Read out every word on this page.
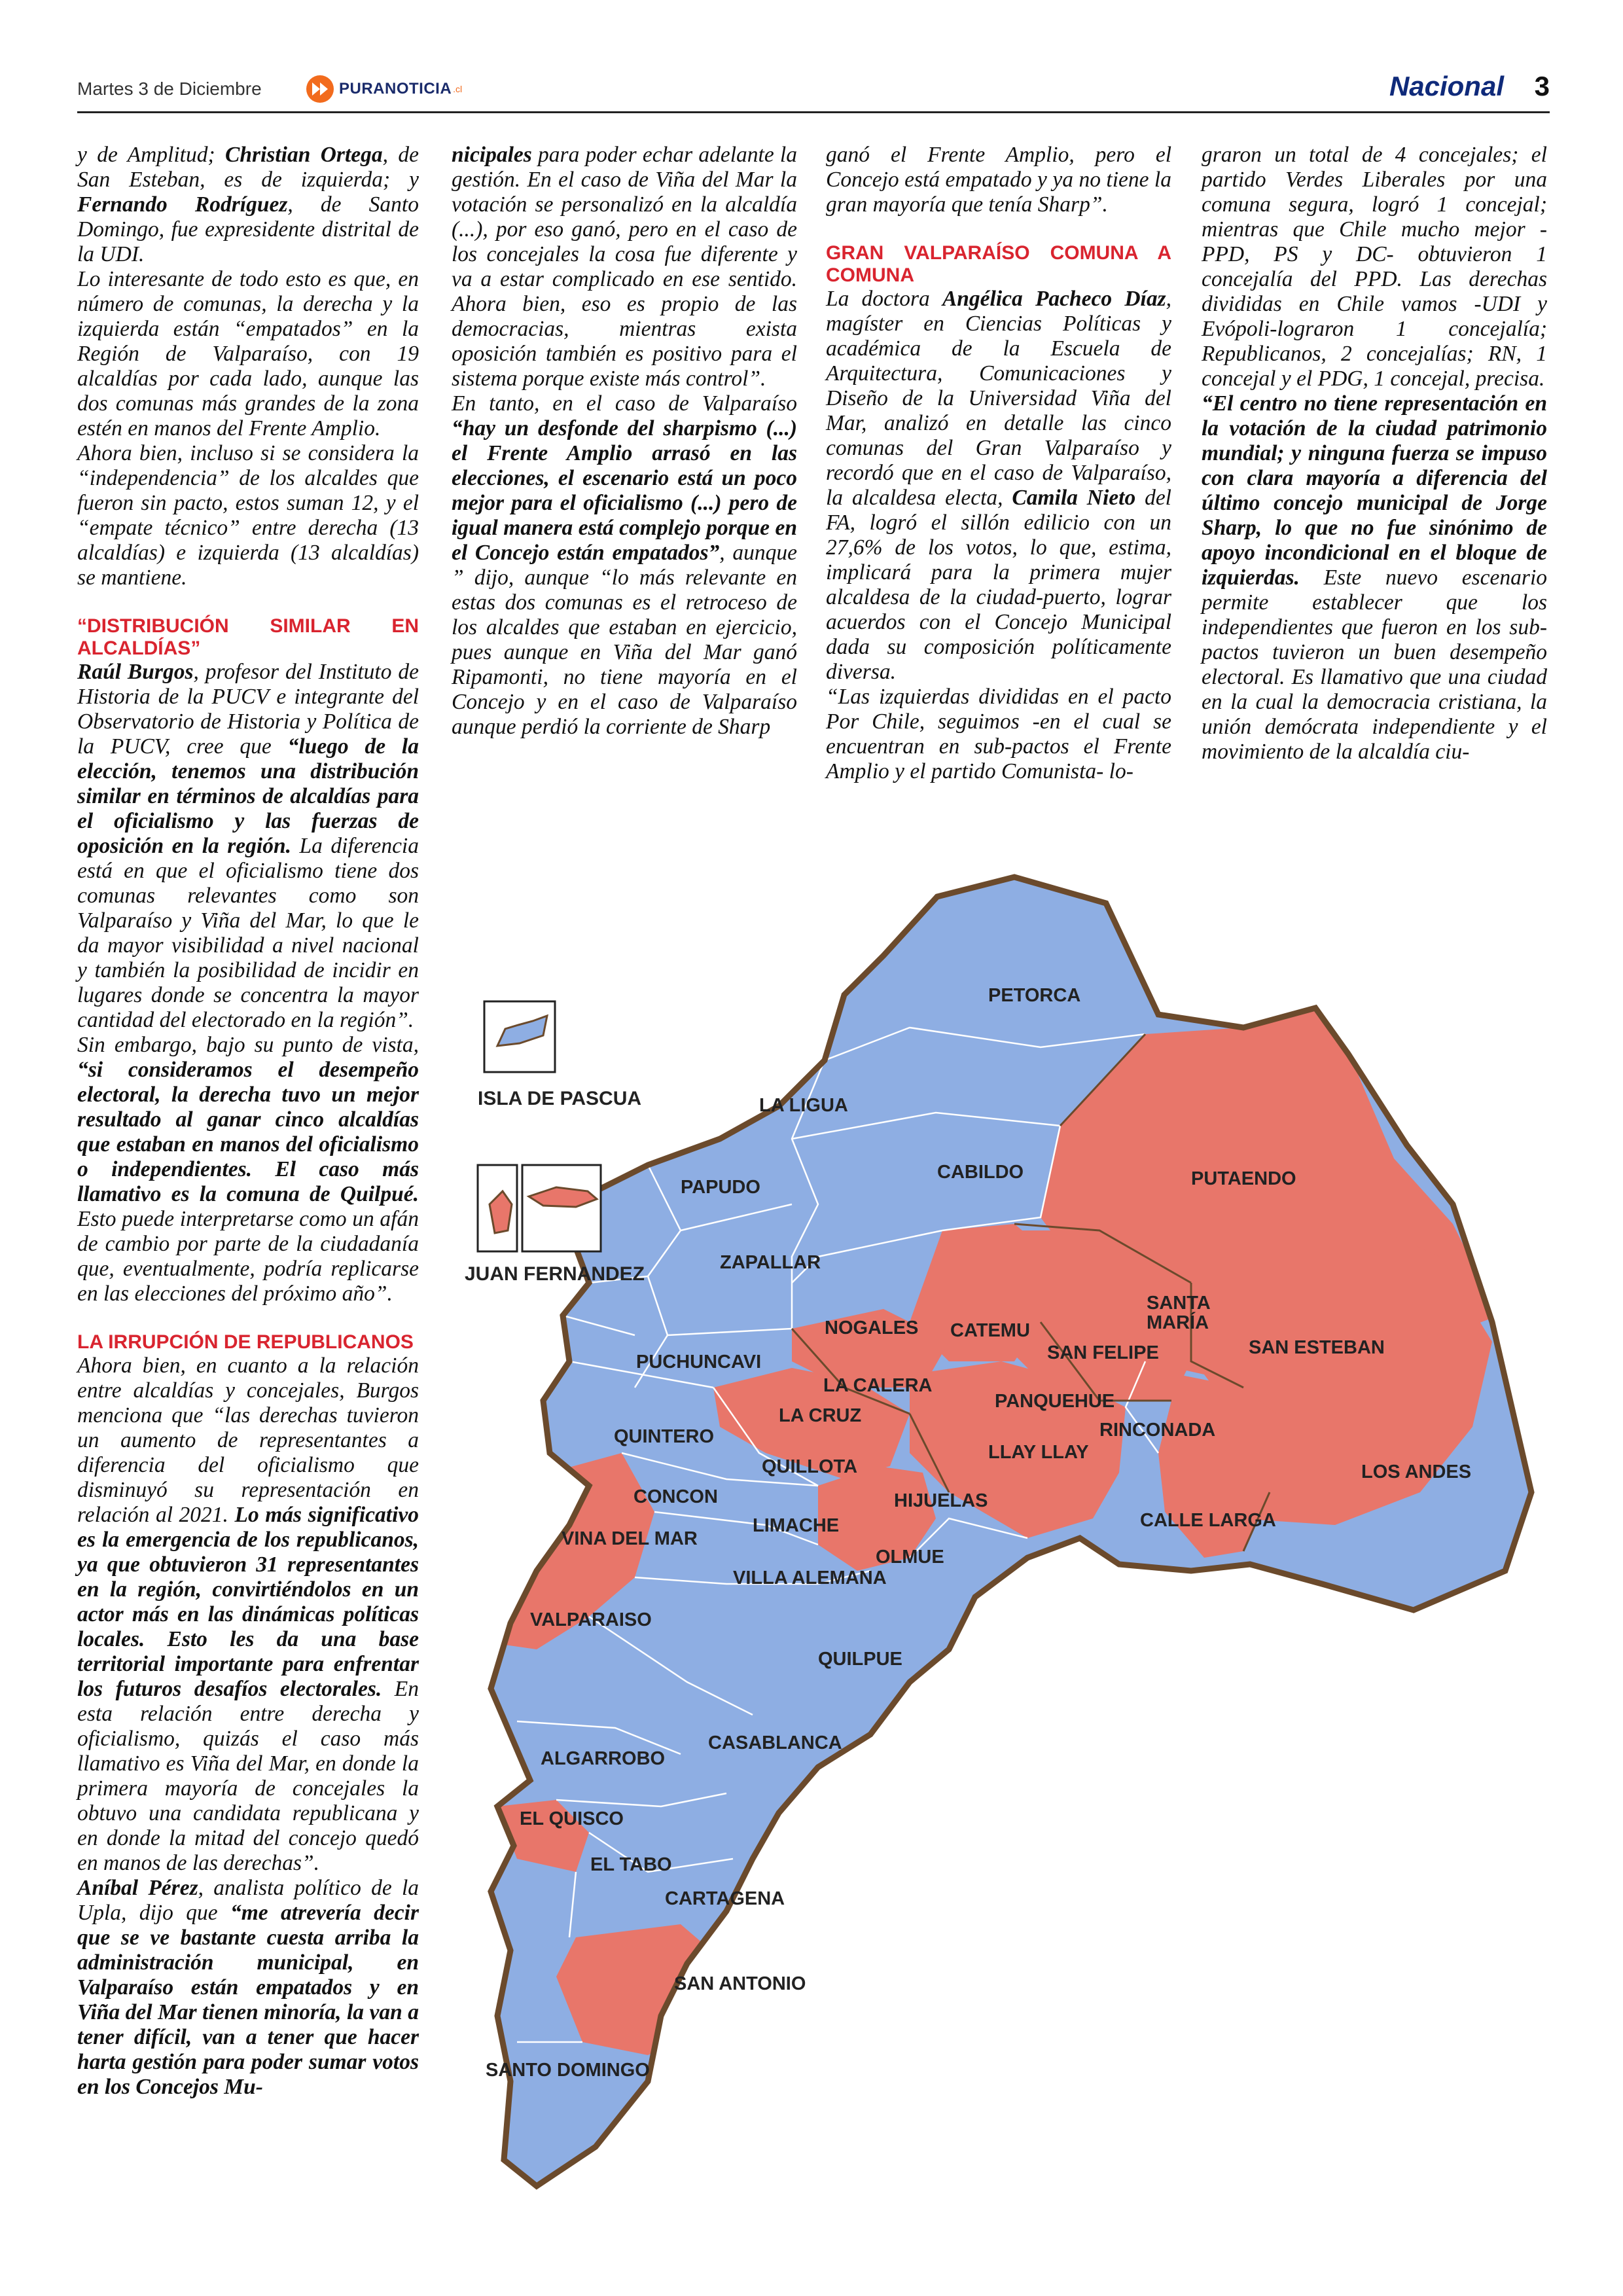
Martes 3 de Diciembre	PURANOTICIA .cl	Nacional 3

y de Amplitud; Christian Ortega, de San Esteban, es de izquierda; y Fernando Rodríguez, de Santo Domingo, fue expresidente distrital de la UDI.

Lo interesante de todo esto es que, en número de comunas, la derecha y la izquierda están “empatados” en la Región de Valparaíso, con 19 alcaldías por cada lado, aunque las dos comunas más grandes de la zona estén en manos del Frente Amplio.

Ahora bien, incluso si se considera la “independencia” de los alcaldes que fueron sin pacto, estos suman 12, y el “empate técnico” entre derecha (13 alcaldías) e izquierda (13 alcaldías) se mantiene.

“DISTRIBUCIÓN SIMILAR EN ALCALDÍAS”

Raúl Burgos, profesor del Instituto de Historia de la PUCV e integrante del Observatorio de Historia y Política de la PUCV, cree que “luego de la elección, tenemos una distribución similar en términos de alcaldías para el oficialismo y las fuerzas de oposición en la región. La diferencia está en que el oficialismo tiene dos comunas relevantes como son Valparaíso y Viña del Mar, lo que le da mayor visibilidad a nivel nacional y también la posibilidad de incidir en lugares donde se concentra la mayor cantidad del electorado en la región”.

Sin embargo, bajo su punto de vista, “si consideramos el desempeño electoral, la derecha tuvo un mejor resultado al ganar cinco alcaldías que estaban en manos del oficialismo o independientes. El caso más llamativo es la comuna de Quilpué. Esto puede interpretarse como un afán de cambio por parte de la ciudadanía que, eventualmente, podría replicarse en las elecciones del próximo año”.

LA IRRUPCIÓN DE REPUBLICANOS

Ahora bien, en cuanto a la relación entre alcaldías y concejales, Burgos menciona que “las derechas tuvieron un aumento de representantes a diferencia del oficialismo que disminuyó su representación en relación al 2021. Lo más significativo es la emergencia de los republicanos, ya que obtuvieron 31 representantes en la región, convirtiéndolos en un actor más en las dinámicas políticas locales. Esto les da una base territorial importante para enfrentar los futuros desafíos electorales. En esta relación entre derecha y oficialismo, quizás el caso más llamativo es Viña del Mar, en donde la primera mayoría de concejales la obtuvo una candidata republicana y en donde la mitad del concejo quedó en manos de las derechas”.

Aníbal Pérez, analista político de la Upla, dijo que “me atrevería decir que se ve bastante cuesta arriba la administración municipal, en Valparaíso están empatados y en Viña del Mar tienen minoría, la van a tener difícil, van a tener que hacer harta gestión para poder sumar votos en los Concejos Mu-

nicipales para poder echar adelante la gestión. En el caso de Viña del Mar la votación se personalizó en la alcaldía (...), por eso ganó, pero en el caso de los concejales la cosa fue diferente y va a estar complicado en ese sentido. Ahora bien, eso es propio de las democracias, mientras exista oposición también es positivo para el sistema porque existe más control”.

En tanto, en el caso de Valparaíso “hay un desfonde del sharpismo (...) el Frente Amplio arrasó en las elecciones, el escenario está un poco mejor para el oficialismo (...) pero de igual manera está complejo porque en el Concejo están empatados”, aunque ” dijo, aunque “lo más relevante en estas dos comunas es el retroceso de los alcaldes que estaban en ejercicio, pues aunque en Viña del Mar ganó Ripamonti, no tiene mayoría en el Concejo y en el caso de Valparaíso aunque perdió la corriente de Sharp

ganó el Frente Amplio, pero el Concejo está empatado y ya no tiene la gran mayoría que tenía Sharp”.

GRAN VALPARAÍSO COMUNA A COMUNA

La doctora Angélica Pacheco Díaz, magíster en Ciencias Políticas y académica de la Escuela de Arquitectura, Comunicaciones y Diseño de la Universidad Viña del Mar, analizó en detalle las cinco comunas del Gran Valparaíso y recordó que en el caso de Valparaíso, la alcaldesa electa, Camila Nieto del FA, logró el sillón edilicio con un 27,6% de los votos, lo que, estima, implicará para la primera mujer alcaldesa de la ciudad-puerto, lograr acuerdos con el Concejo Municipal dada su composición políticamente diversa.

“Las izquierdas divididas en el pacto Por Chile, seguimos -en el cual se encuentran en sub-pactos el Frente Amplio y el partido Comunista- lo-

graron un total de 4 concejales; el partido Verdes Liberales por una comuna segura, logró 1 concejal; mientras que Chile mucho mejor -PPD, PS y DC- obtuvieron 1 concejalía del PPD. Las derechas divididas en Chile vamos -UDI y Evópoli-lograron 1 concejalía; Republicanos, 2 concejalías; RN, 1 concejal y el PDG, 1 concejal, precisa.

“El centro no tiene representación en la votación de la ciudad patrimonio mundial; y ninguna fuerza se impuso con clara mayoría a diferencia del último concejo municipal de Jorge Sharp, lo que no fue sinónimo de apoyo incondicional en el bloque de izquierdas. Este nuevo escenario permite establecer que los independientes que fueron en los sub-pactos tuvieron un buen desempeño electoral. Es llamativo que una ciudad en la cual la democracia cristiana, la unión demócrata independiente y el movimiento de la alcaldía ciu-

ISLA DE PASCUA
JUAN FERNANDEZ
PETORCA
LA LIGUA
CABILDO	PUTAENDO
PAPUDO
ZAPALLAR
NOGALES CATEMU
SANTA MARÍA
SAN ESTEBAN
SAN FELIPE
PUCHUNCAVI
LA CALERA
PANQUEHUE
LA CRUZ
QUINTERO	RINCONADA
LLAY LLAY
QUILLOTA	LOS ANDES
CONCON	HIJUELAS
LIMACHE	CALLE LARGA
VINA DEL MAR
OLMUE
VILLA ALEMANA
VALPARAISO
QUILPUE
ALGARROBO
CASABLANCA
EL QUISCO
EL TABO
CARTAGENA
SAN ANTONIO
SANTO DOMINGO
